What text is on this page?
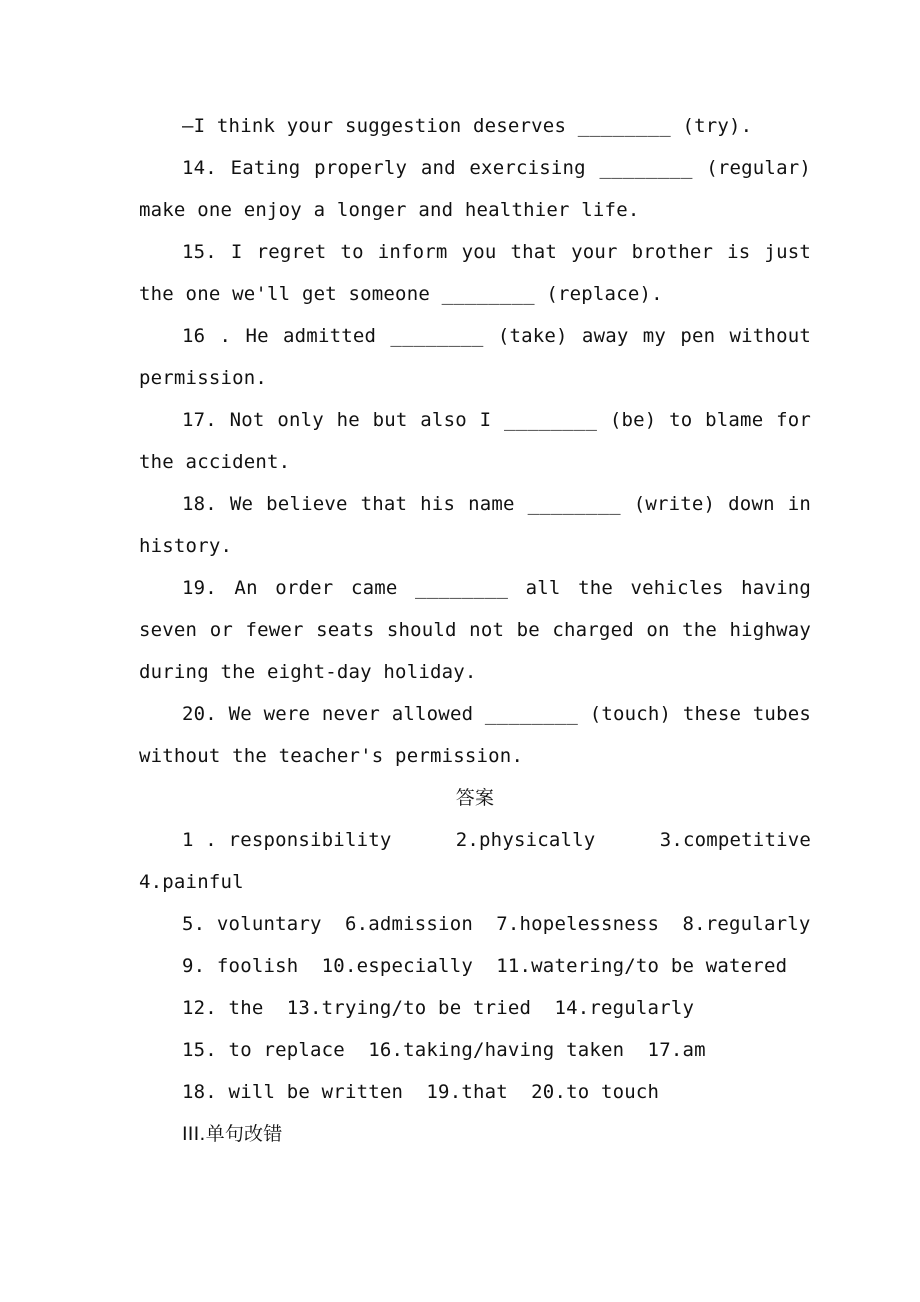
—I think your suggestion deserves ________ (try).

14. Eating properly and exercising ________ (regular) make one enjoy a longer and healthier life.

15. I regret to inform you that your brother is just the one we'll get someone ________ (replace).

16 . He admitted ________ (take) away my pen without permission.

17. Not only he but also I ________ (be) to blame for the accident.

18. We believe that his name ________ (write) down in history.

19. An order came ________ all the vehicles having seven or fewer seats should not be charged on the highway during the eight-day holiday.

20. We were never allowed ________ (touch) these tubes without the teacher's permission.

答案

1 . responsibility	2.physically	3.competitive
4.painful

5. voluntary  6.admission  7.hopelessness  8.regularly

9. foolish  10.especially  11.watering/to be watered

12. the  13.trying/to be tried  14.regularly

15. to replace  16.taking/having taken  17.am

18. will be written  19.that  20.to touch

III.单句改错
